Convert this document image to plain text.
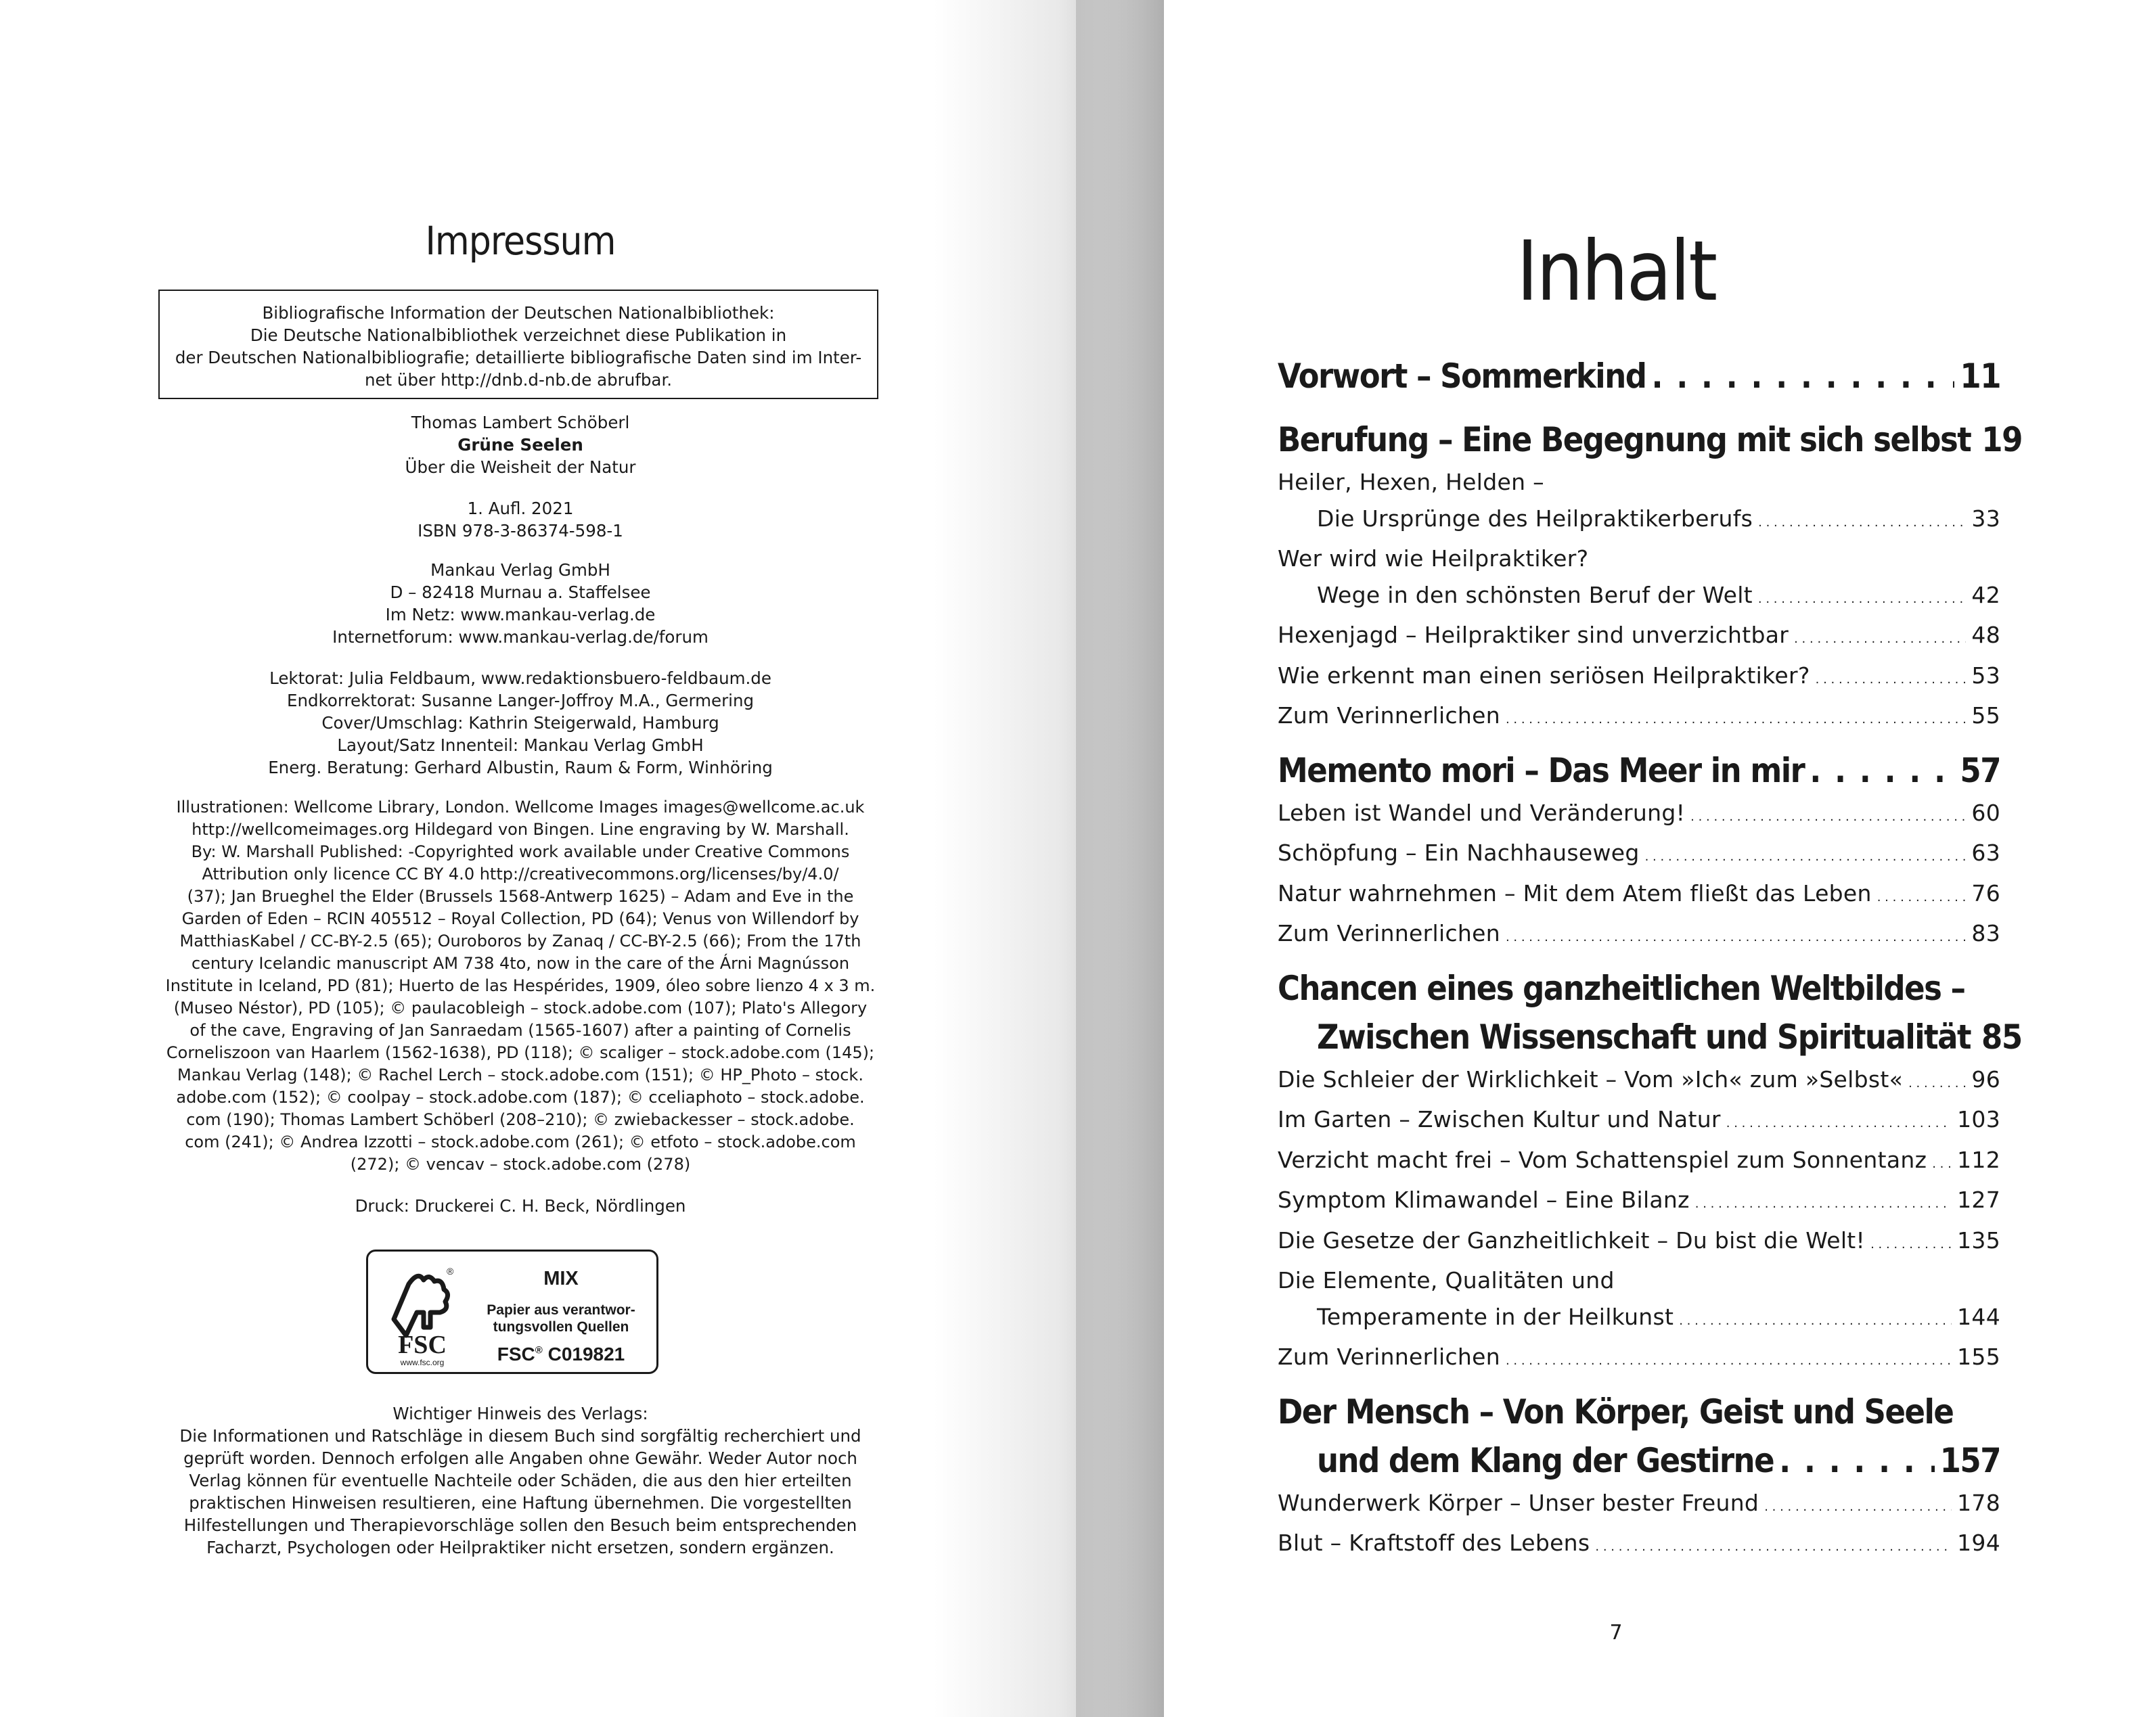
Impressum
Bibliografische Information der Deutschen Nationalbibliothek:
Die Deutsche Nationalbibliothek verzeichnet diese Publikation in
der Deutschen Nationalbibliografie; detaillierte bibliografische Daten sind im Inter-
net über http://dnb.d-nb.de abrufbar.
Thomas Lambert Schöberl
Grüne Seelen
Über die Weisheit der Natur
1. Aufl. 2021
ISBN 978-3-86374-598-1
Mankau Verlag GmbH
D – 82418 Murnau a. Staffelsee
Im Netz: www.mankau-verlag.de
Internetforum: www.mankau-verlag.de/forum
Lektorat: Julia Feldbaum, www.redaktionsbuero-feldbaum.de
Endkorrektorat: Susanne Langer-Joffroy M.A., Germering
Cover/Umschlag: Kathrin Steigerwald, Hamburg
Layout/Satz Innenteil: Mankau Verlag GmbH
Energ. Beratung: Gerhard Albustin, Raum & Form, Winhöring
Illustrationen: Wellcome Library, London. Wellcome Images images@wellcome.ac.uk
http://wellcomeimages.org Hildegard von Bingen. Line engraving by W. Marshall.
By: W. Marshall Published: -Copyrighted work available under Creative Commons
Attribution only licence CC BY 4.0 http://creativecommons.org/licenses/by/4.0/
(37); Jan Brueghel the Elder (Brussels 1568-Antwerp 1625) – Adam and Eve in the
Garden of Eden – RCIN 405512 – Royal Collection, PD (64); Venus von Willendorf by
MatthiasKabel / CC-BY-2.5 (65); Ouroboros by Zanaq / CC-BY-2.5 (66); From the 17th
century Icelandic manuscript AM 738 4to, now in the care of the Árni Magnússon
Institute in Iceland, PD (81); Huerto de las Hespérides, 1909, óleo sobre lienzo 4 x 3 m.
(Museo Néstor), PD (105); © paulacobleigh – stock.adobe.com (107); Plato's Allegory
of the cave, Engraving of Jan Sanraedam (1565-1607) after a painting of Cornelis
Corneliszoon van Haarlem (1562-1638), PD (118); © scaliger – stock.adobe.com (145);
Mankau Verlag (148); © Rachel Lerch – stock.adobe.com (151); © HP_Photo – stock.
adobe.com (152); © coolpay – stock.adobe.com (187); © cceliaphoto – stock.adobe.
com (190); Thomas Lambert Schöberl (208–210); © zwiebackesser – stock.adobe.
com (241); © Andrea Izzotti – stock.adobe.com (261); © etfoto – stock.adobe.com
(272); © vencav – stock.adobe.com (278)
Druck: Druckerei C. H. Beck, Nördlingen
®
FSC
www.fsc.org
MIX
Papier aus verantwor-
tungsvollen Quellen
FSC® C019821
Wichtiger Hinweis des Verlags:
Die Informationen und Ratschläge in diesem Buch sind sorgfältig recherchiert und
geprüft worden. Dennoch erfolgen alle Angaben ohne Gewähr. Weder Autor noch
Verlag können für eventuelle Nachteile oder Schäden, die aus den hier erteilten
praktischen Hinweisen resultieren, eine Haftung übernehmen. Die vorgestellten
Hilfestellungen und Therapievorschläge sollen den Besuch beim entsprechenden
Facharzt, Psychologen oder Heilpraktiker nicht ersetzen, sondern ergänzen.
Inhalt
Vorwort – Sommerkind . . .	11
Berufung – Eine Begegnung mit sich selbst 19
Heiler, Hexen, Helden –
Die Ursprünge des Heilpraktikerberufs . . .	33
Wer wird wie Heilpraktiker?
Wege in den schönsten Beruf der Welt . . .	42
Hexenjagd – Heilpraktiker sind unverzichtbar . . .	48
Wie erkennt man einen seriösen Heilpraktiker? . . .	53
Zum Verinnerlichen . . .	55
Memento mori – Das Meer in mir . . .	57
Leben ist Wandel und Veränderung! . . .	60
Schöpfung – Ein Nachhauseweg . . .	63
Natur wahrnehmen – Mit dem Atem fließt das Leben . . .	76
Zum Verinnerlichen . . .	83
Chancen eines ganzheitlichen Weltbildes –
Zwischen Wissenschaft und Spiritualität 85
Die Schleier der Wirklichkeit – Vom »Ich« zum »Selbst« . . .	96
Im Garten – Zwischen Kultur und Natur . . .	103
Verzicht macht frei – Vom Schattenspiel zum Sonnentanz . . . 112
Symptom Klimawandel – Eine Bilanz . . .	127
Die Gesetze der Ganzheitlichkeit – Du bist die Welt! . . .	135
Die Elemente, Qualitäten und
Temperamente in der Heilkunst . . .	144
Zum Verinnerlichen . . .	155
Der Mensch – Von Körper, Geist und Seele
und dem Klang der Gestirne . . .	157
Wunderwerk Körper – Unser bester Freund . . .	178
Blut – Kraftstoff des Lebens . . .	194
7
